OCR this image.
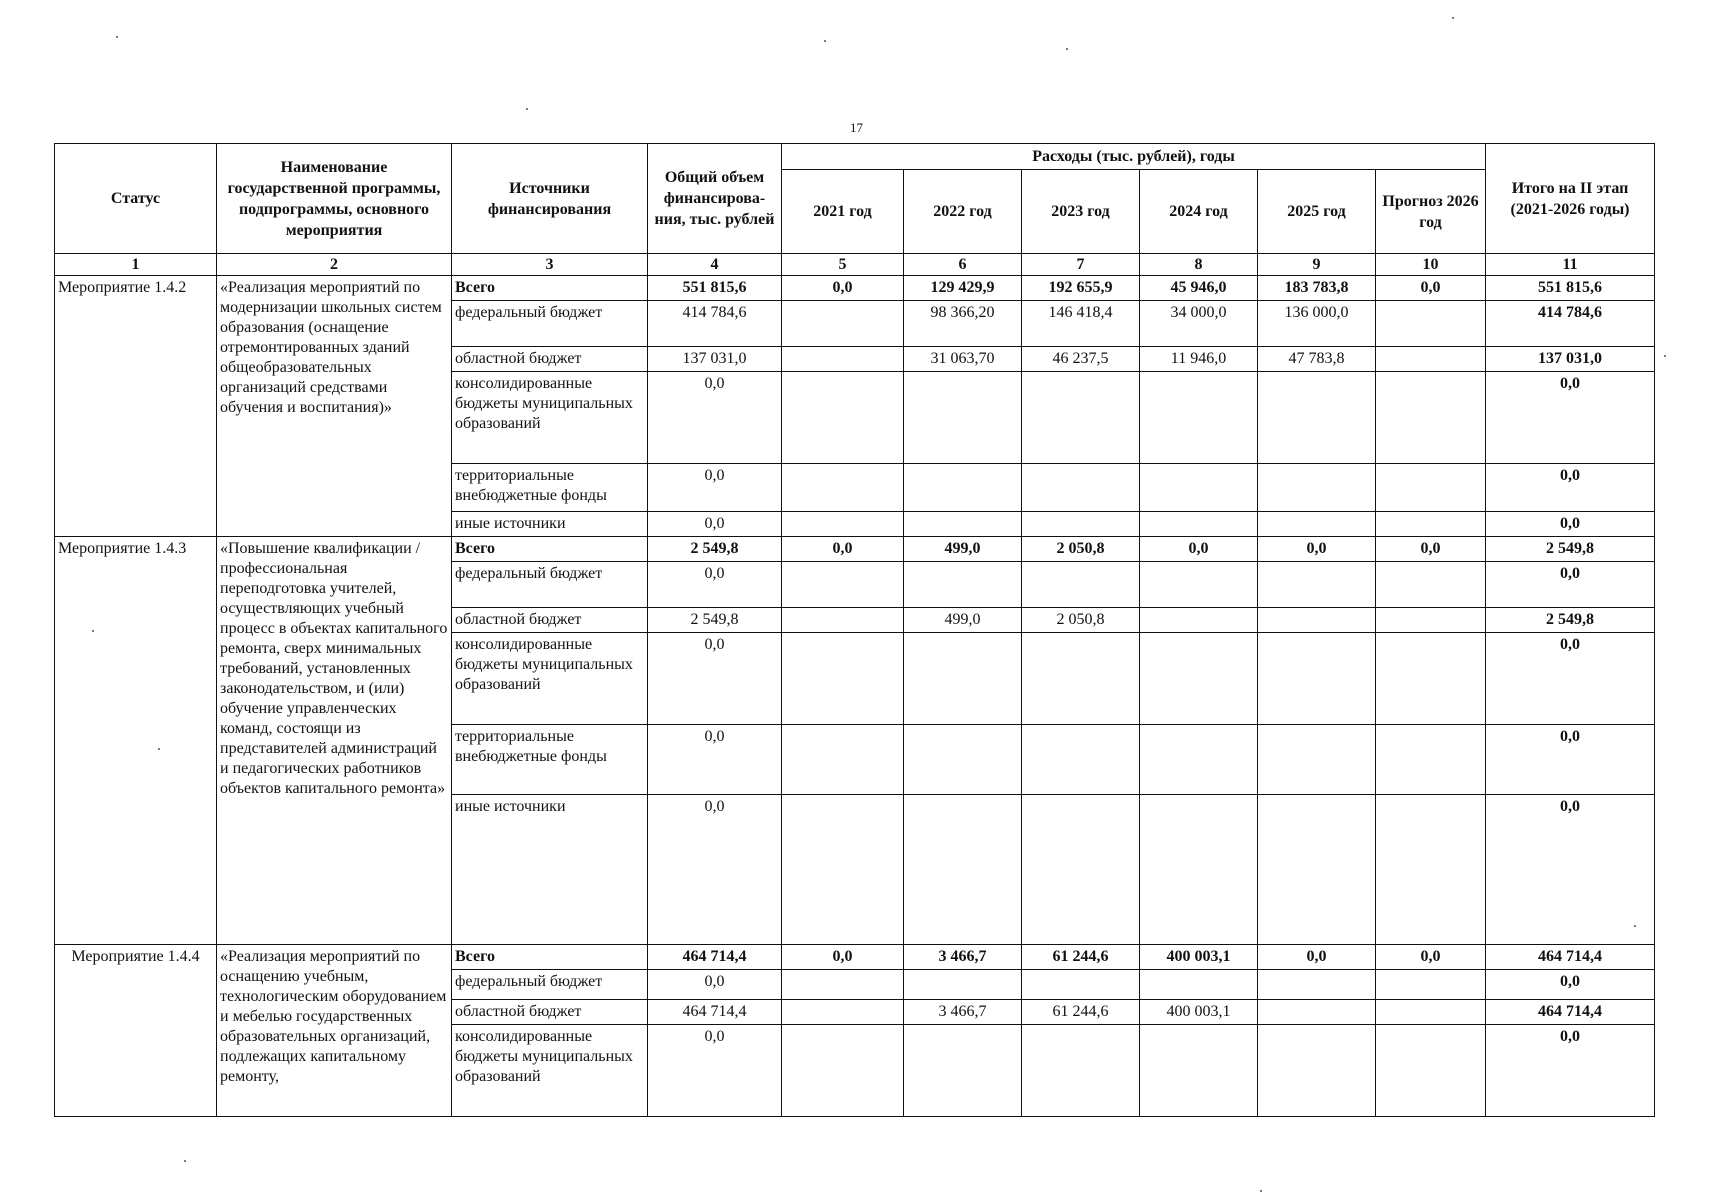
17
Статус	Наименование государственной программы, подпрограммы, основного мероприятия	Источники финансирования	Общий объем финансирова-ния, тыс. рублей	Расходы (тыс. рублей), годы						Итого на II этап (2021-2026 годы)
				2021 год	2022 год	2023 год	2024 год	2025 год	Прогноз 2026 год	
1	2	3	4	5	6	7	8	9	10	11
Мероприятие 1.4.2	«Реализация мероприятий по модернизации школьных систем образования (оснащение отремонтированных зданий общеобразовательных организаций средствами обучения и воспитания)»	Всего	551 815,6	0,0	129 429,9	192 655,9	45 946,0	183 783,8	0,0	551 815,6
		федеральный бюджет	414 784,6		98 366,20	146 418,4	34 000,0	136 000,0		414 784,6
		областной бюджет	137 031,0		31 063,70	46 237,5	11 946,0	47 783,8		137 031,0
		консолидированные бюджеты муниципальных образований	0,0							0,0
		территориальные внебюджетные фонды	0,0							0,0
		иные источники	0,0							0,0
Мероприятие 1.4.3	«Повышение квалификации / профессиональная переподготовка учителей, осуществляющих учебный процесс в объектах капитального ремонта, сверх минимальных требований, установленных законодательством, и (или) обучение управленческих команд, состоящи из представителей администраций и педагогических работников объектов капитального ремонта»	Всего	2 549,8	0,0	499,0	2 050,8	0,0	0,0	0,0	2 549,8
		федеральный бюджет	0,0							0,0
		областной бюджет	2 549,8		499,0	2 050,8				2 549,8
		консолидированные бюджеты муниципальных образований	0,0							0,0
		территориальные внебюджетные фонды	0,0							0,0
		иные источники	0,0							0,0
Мероприятие 1.4.4	«Реализация мероприятий по оснащению учебным, технологическим оборудованием и мебелью государственных образовательных организаций, подлежащих капитальному ремонту,	Всего	464 714,4	0,0	3 466,7	61 244,6	400 003,1	0,0	0,0	464 714,4
		федеральный бюджет	0,0							0,0
		областной бюджет	464 714,4		3 466,7	61 244,6	400 003,1			464 714,4
		консолидированные бюджеты муниципальных образований	0,0							0,0
